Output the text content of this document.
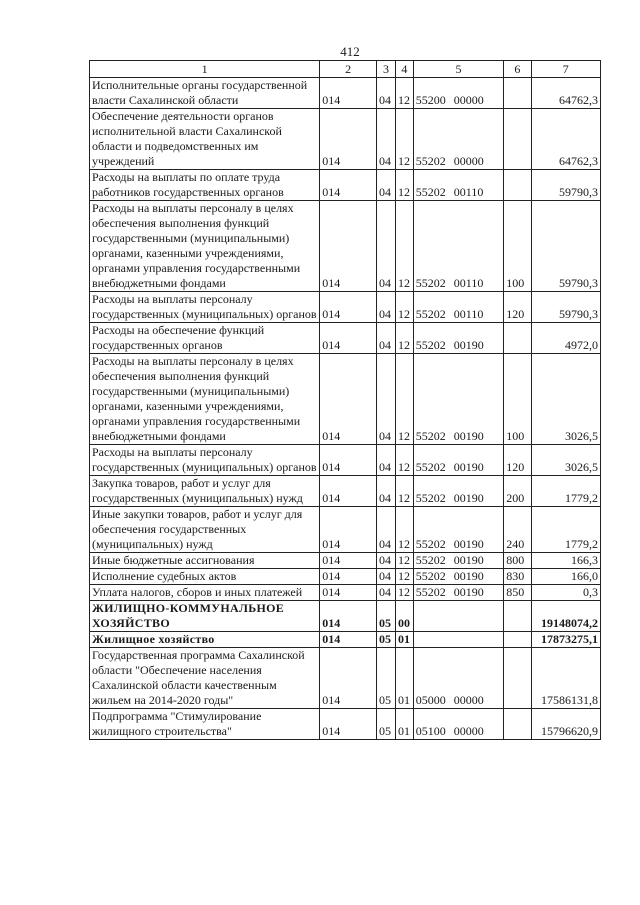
412
1	2	3	4	5	6	7
Исполнительные органы государственной власти Сахалинской области	014	04	12	55200 00000		64762,3
Обеспечение деятельности органов исполнительной власти Сахалинской области и подведомственных им учреждений	014	04	12	55202 00000		64762,3
Расходы на выплаты по оплате труда работников государственных органов	014	04	12	55202 00110		59790,3
Расходы на выплаты персоналу в целях обеспечения выполнения функций государственными (муниципальными) органами, казенными учреждениями, органами управления государственными внебюджетными фондами	014	04	12	55202 00110	100	59790,3
Расходы на выплаты персоналу государственных (муниципальных) органов	014	04	12	55202 00110	120	59790,3
Расходы на обеспечение функций государственных органов	014	04	12	55202 00190		4972,0
Расходы на выплаты персоналу в целях обеспечения выполнения функций государственными (муниципальными) органами, казенными учреждениями, органами управления государственными внебюджетными фондами	014	04	12	55202 00190	100	3026,5
Расходы на выплаты персоналу государственных (муниципальных) органов	014	04	12	55202 00190	120	3026,5
Закупка товаров, работ и услуг для государственных (муниципальных) нужд	014	04	12	55202 00190	200	1779,2
Иные закупки товаров, работ и услуг для обеспечения государственных (муниципальных) нужд	014	04	12	55202 00190	240	1779,2
Иные бюджетные ассигнования	014	04	12	55202 00190	800	166,3
Исполнение судебных актов	014	04	12	55202 00190	830	166,0
Уплата налогов, сборов и иных платежей	014	04	12	55202 00190	850	0,3
ЖИЛИЩНО-КОММУНАЛЬНОЕ ХОЗЯЙСТВО	014	05	00			19148074,2
Жилищное хозяйство	014	05	01			17873275,1
Государственная программа Сахалинской области "Обеспечение населения Сахалинской области качественным жильем на 2014-2020 годы"	014	05	01	05000 00000		17586131,8
Подпрограмма "Стимулирование жилищного строительства"	014	05	01	05100 00000		15796620,9
